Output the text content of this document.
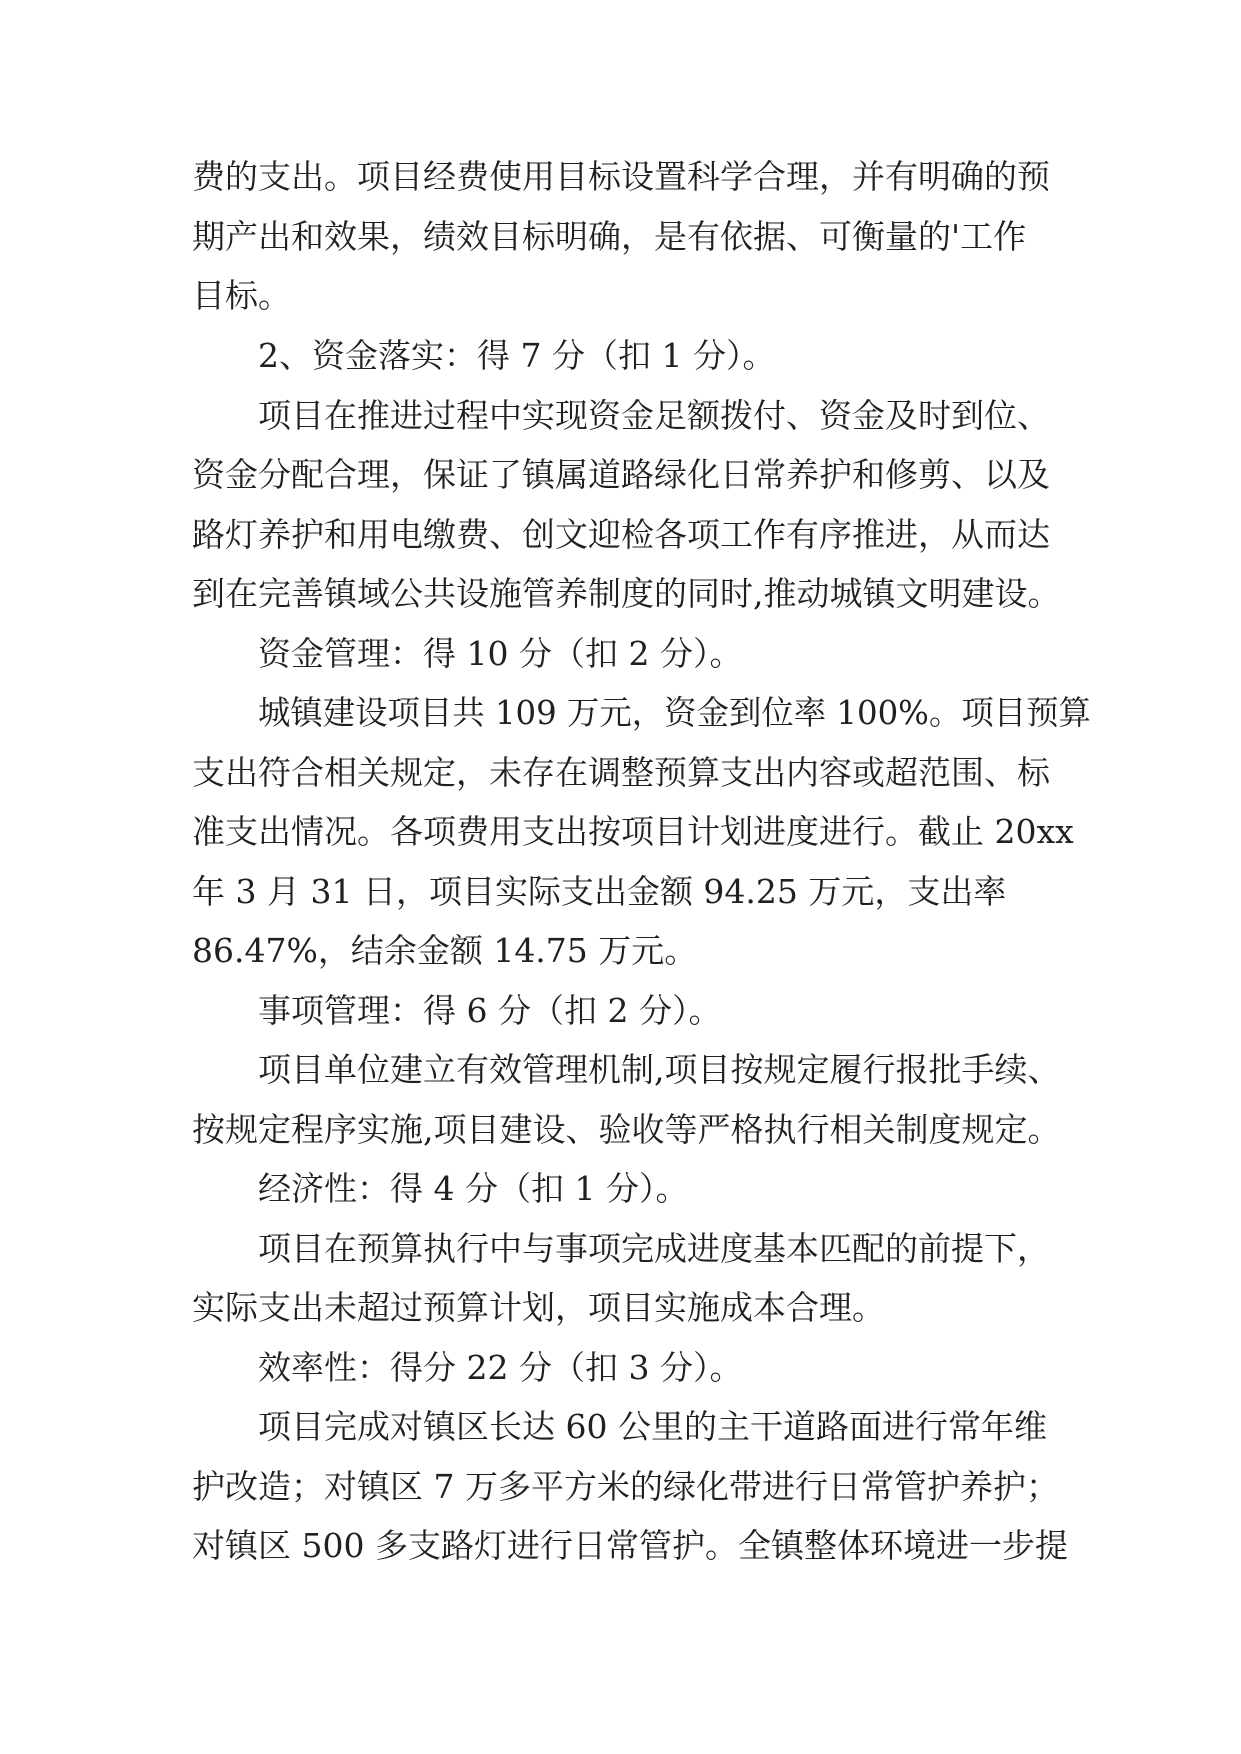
费的支出。项目经费使用目标设置科学合理，并有明确的预
期产出和效果，绩效目标明确，是有依据、可衡量的'工作
目标。
2、资金落实：得 7 分（扣 1 分）。
项目在推进过程中实现资金足额拨付、资金及时到位、
资金分配合理，保证了镇属道路绿化日常养护和修剪、以及
路灯养护和用电缴费、创文迎检各项工作有序推进，从而达
到在完善镇域公共设施管养制度的同时,推动城镇文明建设。
资金管理：得 10 分（扣 2 分）。
城镇建设项目共 109 万元，资金到位率 100%。项目预算
支出符合相关规定，未存在调整预算支出内容或超范围、标
准支出情况。各项费用支出按项目计划进度进行。截止 20xx
年 3 月 31 日，项目实际支出金额 94.25 万元，支出率
86.47%，结余金额 14.75 万元。
事项管理：得 6 分（扣 2 分）。
项目单位建立有效管理机制,项目按规定履行报批手续、
按规定程序实施,项目建设、验收等严格执行相关制度规定。
经济性：得 4 分（扣 1 分）。
项目在预算执行中与事项完成进度基本匹配的前提下，
实际支出未超过预算计划，项目实施成本合理。
效率性：得分 22 分（扣 3 分）。
项目完成对镇区长达 60 公里的主干道路面进行常年维
护改造；对镇区 7 万多平方米的绿化带进行日常管护养护；
对镇区 500 多支路灯进行日常管护。全镇整体环境进一步提
